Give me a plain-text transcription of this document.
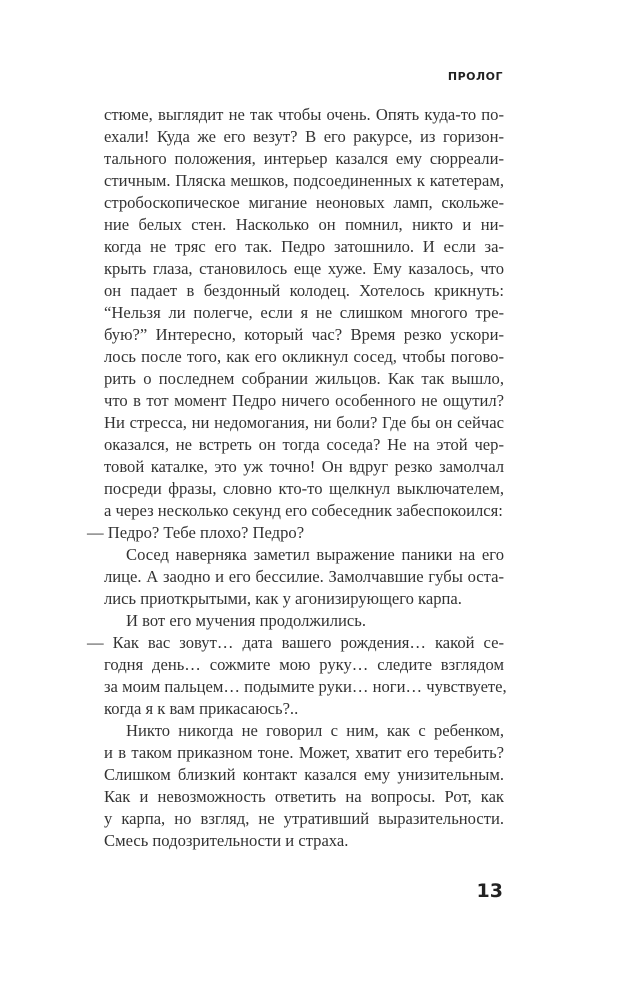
ПРОЛОГ
стюме, выглядит не так чтобы очень. Опять куда-то по-
ехали! Куда же его везут? В его ракурсе, из горизон-
тального положения, интерьер казался ему сюрреали-
стичным. Пляска мешков, подсоединенных к катетерам,
стробоскопическое мигание неоновых ламп, скольже-
ние белых стен. Насколько он помнил, никто и ни-
когда не тряс его так. Педро затошнило. И если за-
крыть глаза, становилось еще хуже. Ему казалось, что
он падает в бездонный колодец. Хотелось крикнуть:
“Нельзя ли полегче, если я не слишком многого тре-
бую?” Интересно, который час? Время резко ускори-
лось после того, как его окликнул сосед, чтобы погово-
рить о последнем собрании жильцов. Как так вышло,
что в тот момент Педро ничего особенного не ощутил?
Ни стресса, ни недомогания, ни боли? Где бы он сейчас
оказался, не встреть он тогда соседа? Не на этой чер-
товой каталке, это уж точно! Он вдруг резко замолчал
посреди фразы, словно кто-то щелкнул выключателем,
а через несколько секунд его собеседник забеспокоился:
— Педро? Тебе плохо? Педро?
Сосед наверняка заметил выражение паники на его
лице. А заодно и его бессилие. Замолчавшие губы оста-
лись приоткрытыми, как у агонизирующего карпа.
И вот его мучения продолжились.
— Как вас зовут… дата вашего рождения… какой се-
годня день… сожмите мою руку… следите взглядом
за моим пальцем… подымите руки… ноги… чувствуете,
когда я к вам прикасаюсь?..
Никто никогда не говорил с ним, как с ребенком,
и в таком приказном тоне. Может, хватит его теребить?
Слишком близкий контакт казался ему унизительным.
Как и невозможность ответить на вопросы. Рот, как
у карпа, но взгляд, не утративший выразительности.
Смесь подозрительности и страха.
13
